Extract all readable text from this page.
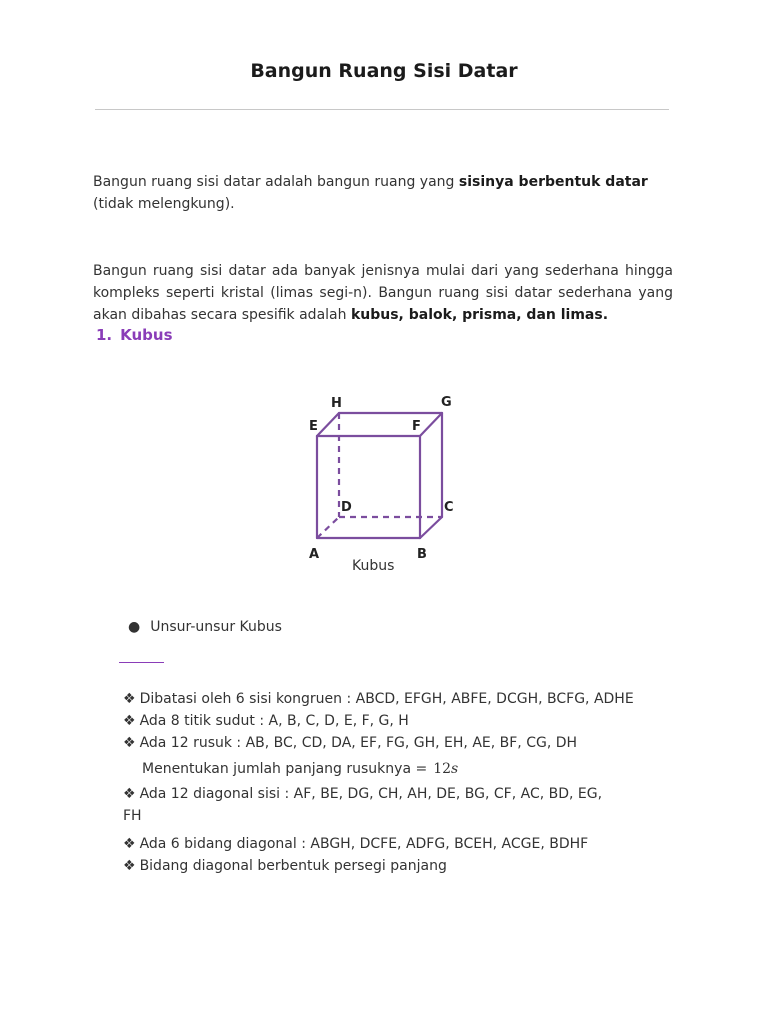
Bangun Ruang Sisi Datar

Bangun ruang sisi datar adalah bangun ruang yang sisinya berbentuk datar (tidak melengkung).

Bangun ruang sisi datar ada banyak jenisnya mulai dari yang sederhana hingga kompleks seperti kristal (limas segi-n). Bangun ruang sisi datar sederhana yang akan dibahas secara spesifik adalah kubus, balok, prisma, dan limas.

1. Kubus
A	B
C
D
E	F
G
H
Kubus
● Unsur-unsur Kubus

❖ Dibatasi oleh 6 sisi kongruen : ABCD, EFGH, ABFE, DCGH, BCFG, ADHE

❖ Ada 8 titik sudut : A, B, C, D, E, F, G, H

❖ Ada 12 rusuk : AB, BC, CD, DA, EF, FG, GH, EH, AE, BF, CG, DH

Menentukan jumlah panjang rusuknya = 12s

❖ Ada 12 diagonal sisi : AF, BE, DG, CH, AH, DE, BG, CF, AC, BD, EG, FH

❖ Ada 6 bidang diagonal : ABGH, DCFE, ADFG, BCEH, ACGE, BDHF

❖ Bidang diagonal berbentuk persegi panjang
